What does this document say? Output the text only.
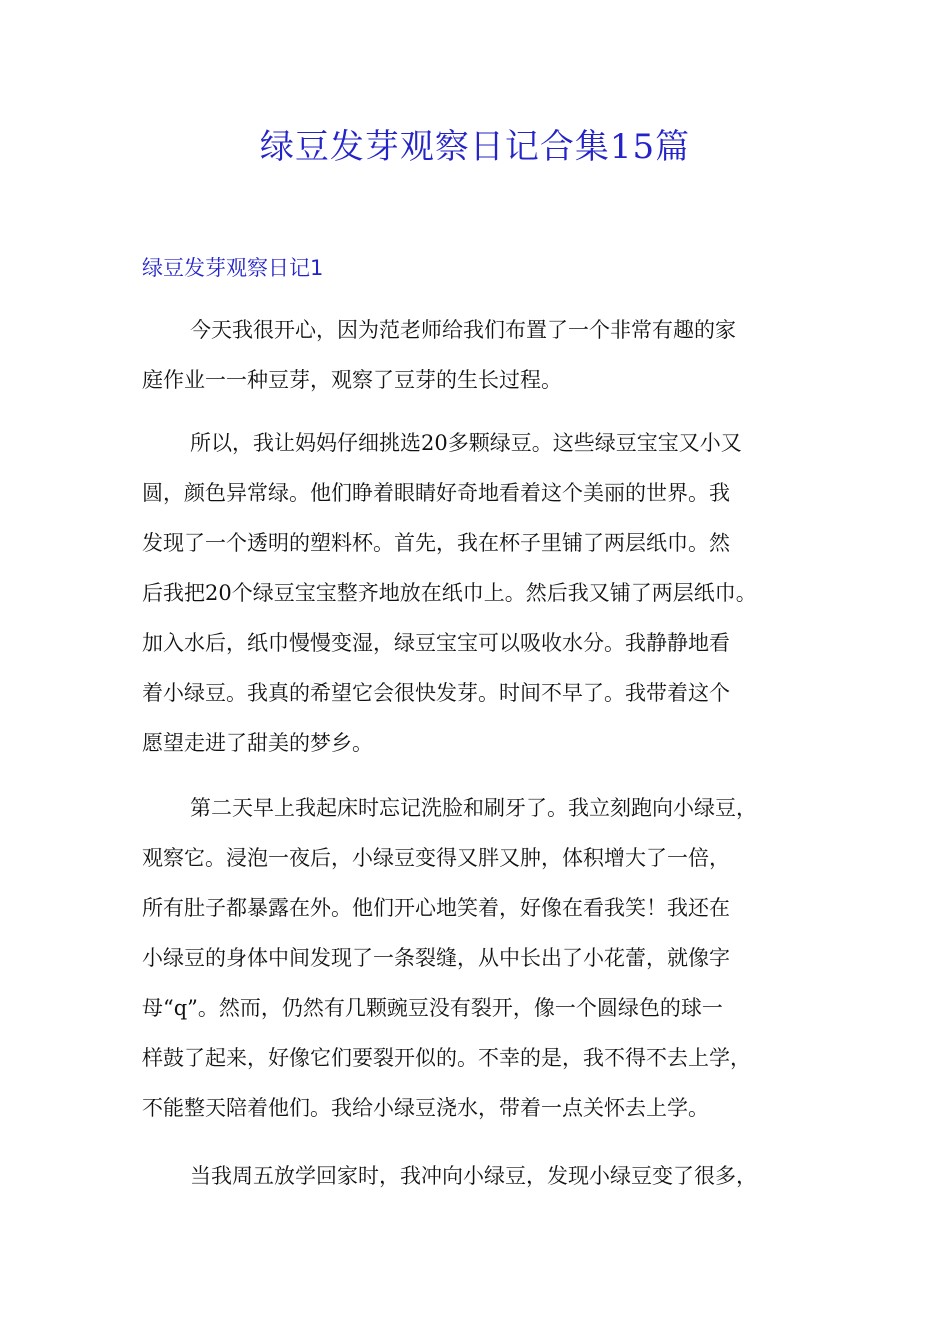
绿豆发芽观察日记合集15篇
绿豆发芽观察日记1
今天我很开心，因为范老师给我们布置了一个非常有趣的家
庭作业一一种豆芽，观察了豆芽的生长过程。
所以，我让妈妈仔细挑选20多颗绿豆。这些绿豆宝宝又小又
圆，颜色异常绿。他们睁着眼睛好奇地看着这个美丽的世界。我
发现了一个透明的塑料杯。首先，我在杯子里铺了两层纸巾。然
后我把20个绿豆宝宝整齐地放在纸巾上。然后我又铺了两层纸巾。
加入水后，纸巾慢慢变湿，绿豆宝宝可以吸收水分。我静静地看
着小绿豆。我真的希望它会很快发芽。时间不早了。我带着这个
愿望走进了甜美的梦乡。
第二天早上我起床时忘记洗脸和刷牙了。我立刻跑向小绿豆，
观察它。浸泡一夜后，小绿豆变得又胖又肿，体积增大了一倍，
所有肚子都暴露在外。他们开心地笑着，好像在看我笑！我还在
小绿豆的身体中间发现了一条裂缝，从中长出了小花蕾，就像字
母“q”。然而，仍然有几颗豌豆没有裂开，像一个圆绿色的球一
样鼓了起来，好像它们要裂开似的。不幸的是，我不得不去上学，
不能整天陪着他们。我给小绿豆浇水，带着一点关怀去上学。
当我周五放学回家时，我冲向小绿豆，发现小绿豆变了很多，
